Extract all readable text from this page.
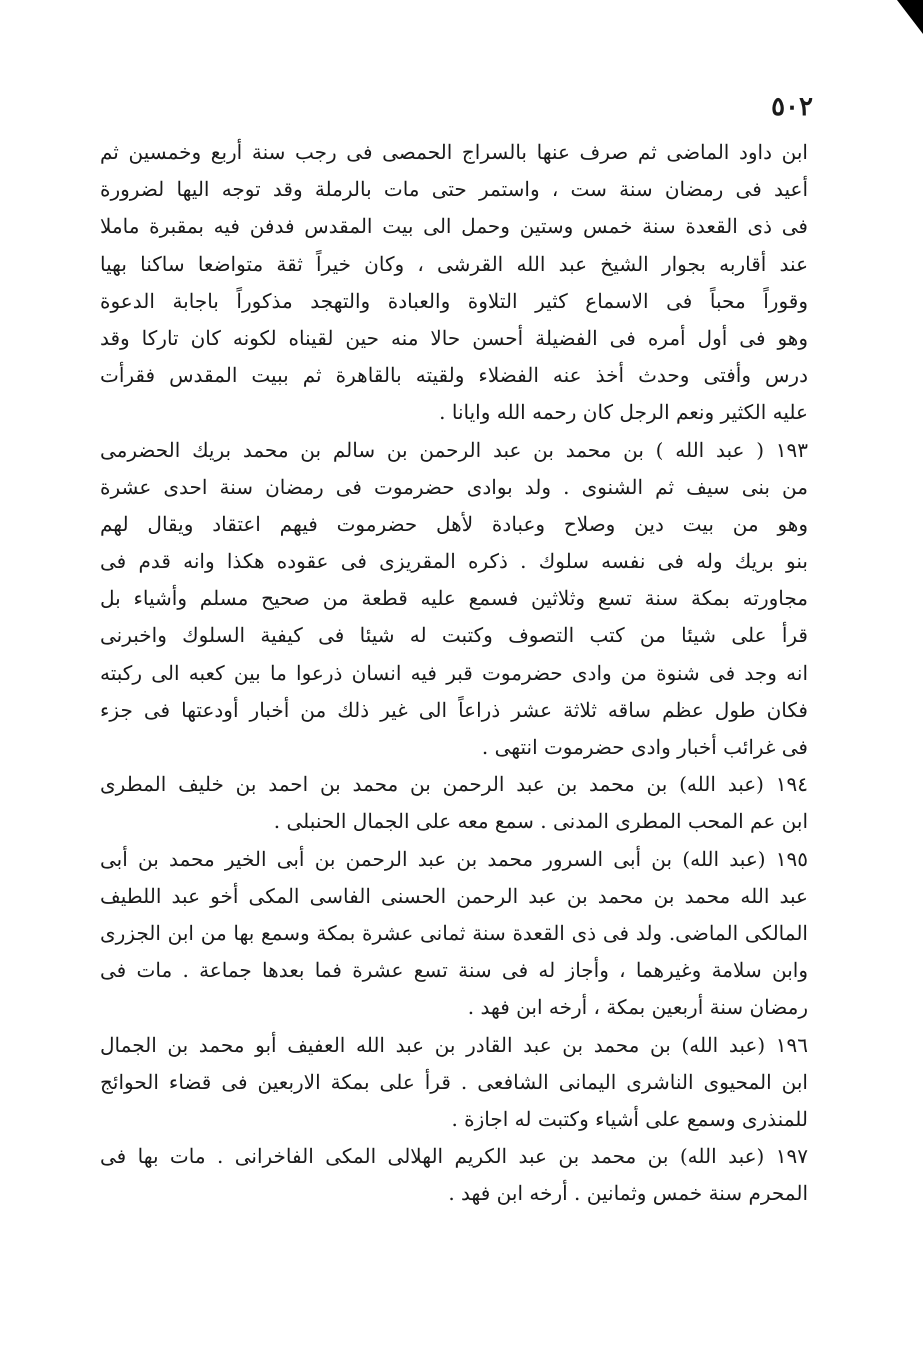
٥٠٢
ابن داود الماضى ثم صرف عنها بالسراج الحمصى فى رجب سنة أربع وخمسين ثم
أعيد فى رمضان سنة ست ، واستمر حتى مات بالرملة وقد توجه اليها لضرورة
فى ذى القعدة سنة خمس وستين وحمل الى بيت المقدس فدفن فيه بمقبرة ماملا
عند أقاربه بجوار الشيخ عبد الله القرشى ، وكان خيراً ثقة متواضعا ساكنا بهيا
وقوراً محباً فى الاسماع كثير التلاوة والعبادة والتهجد مذكوراً باجابة الدعوة
وهو فى أول أمره فى الفضيلة أحسن حالا منه حين لقيناه لكونه كان تاركا وقد
درس وأفتى وحدث أخذ عنه الفضلاء ولقيته بالقاهرة ثم ببيت المقدس فقرأت
عليه الكثير ونعم الرجل كان رحمه الله وايانا .
١٩٣ ( عبد الله ) بن محمد بن عبد الرحمن بن سالم بن محمد بريك الحضرمى
من بنى سيف ثم الشنوى . ولد بوادى حضرموت فى رمضان سنة احدى عشرة
وهو من بيت دين وصلاح وعبادة لأهل حضرموت فيهم اعتقاد ويقال لهم
بنو بريك وله فى نفسه سلوك . ذكره المقريزى فى عقوده هكذا وانه قدم فى
مجاورته بمكة سنة تسع وثلاثين فسمع عليه قطعة من صحيح مسلم وأشياء بل
قرأ على شيئا من كتب التصوف وكتبت له شيئا فى كيفية السلوك واخبرنى
انه وجد فى شنوة من وادى حضرموت قبر فيه انسان ذرعوا ما بين كعبه الى ركبته
فكان طول عظم ساقه ثلاثة عشر ذراعاً الى غير ذلك من أخبار أودعتها فى جزء
فى غرائب أخبار وادى حضرموت انتهى .
١٩٤ (عبد الله) بن محمد بن عبد الرحمن بن محمد بن احمد بن خليف المطرى
ابن عم المحب المطرى المدنى . سمع معه على الجمال الحنبلى .
١٩٥ (عبد الله) بن أبى السرور محمد بن عبد الرحمن بن أبى الخير محمد بن أبى
عبد الله محمد بن محمد بن عبد الرحمن الحسنى الفاسى المكى أخو عبد اللطيف
المالكى الماضى. ولد فى ذى القعدة سنة ثمانى عشرة بمكة وسمع بها من ابن الجزرى
وابن سلامة وغيرهما ، وأجاز له فى سنة تسع عشرة فما بعدها جماعة . مات فى
رمضان سنة أربعين بمكة ، أرخه ابن فهد .
١٩٦ (عبد الله) بن محمد بن عبد القادر بن عبد الله العفيف أبو محمد بن الجمال
ابن المحيوى الناشرى اليمانى الشافعى . قرأ على بمكة الاربعين فى قضاء الحوائج
للمنذرى وسمع على أشياء وكتبت له اجازة .
١٩٧ (عبد الله) بن محمد بن عبد الكريم الهلالى المكى الفاخرانى . مات بها فى
المحرم سنة خمس وثمانين . أرخه ابن فهد .
